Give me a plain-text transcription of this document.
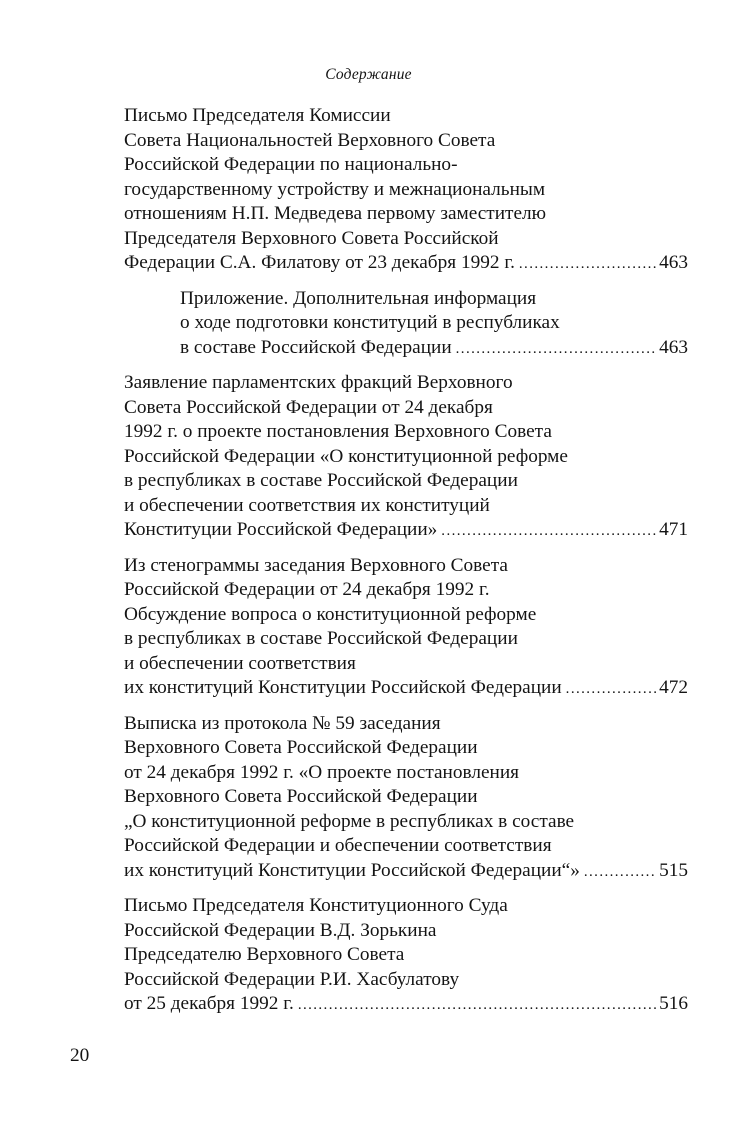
Содержание
Письмо Председателя Комиссии
Совета Национальностей Верховного Совета
Российской Федерации по национально-
государственному устройству и межнациональным
отношениям Н.П. Медведева первому заместителю
Председателя Верховного Совета Российской
Федерации С.А. Филатову от 23 декабря 1992 г. .....	463
Приложение. Дополнительная информация
о ходе подготовки конституций в республиках
в составе Российской Федерации .....	463
Заявление парламентских фракций Верховного
Совета Российской Федерации от 24 декабря
1992 г. о проекте постановления Верховного Совета
Российской Федерации «О конституционной реформе
в республиках в составе Российской Федерации
и обеспечении соответствия их конституций
Конституции Российской Федерации» .....	471
Из стенограммы заседания Верховного Совета
Российской Федерации от 24 декабря 1992 г.
Обсуждение вопроса о конституционной реформе
в республиках в составе Российской Федерации
и обеспечении соответствия
их конституций Конституции Российской Федерации .....	472
Выписка из протокола № 59 заседания
Верховного Совета Российской Федерации
от 24 декабря 1992 г. «О проекте постановления
Верховного Совета Российской Федерации
„О конституционной реформе в республиках в составе
Российской Федерации и обеспечении соответствия
их конституций Конституции Российской Федерации“» .....	515
Письмо Председателя Конституционного Суда
Российской Федерации В.Д. Зорькина
Председателю Верховного Совета
Российской Федерации Р.И. Хасбулатову
от 25 декабря 1992 г. .....	516
20
